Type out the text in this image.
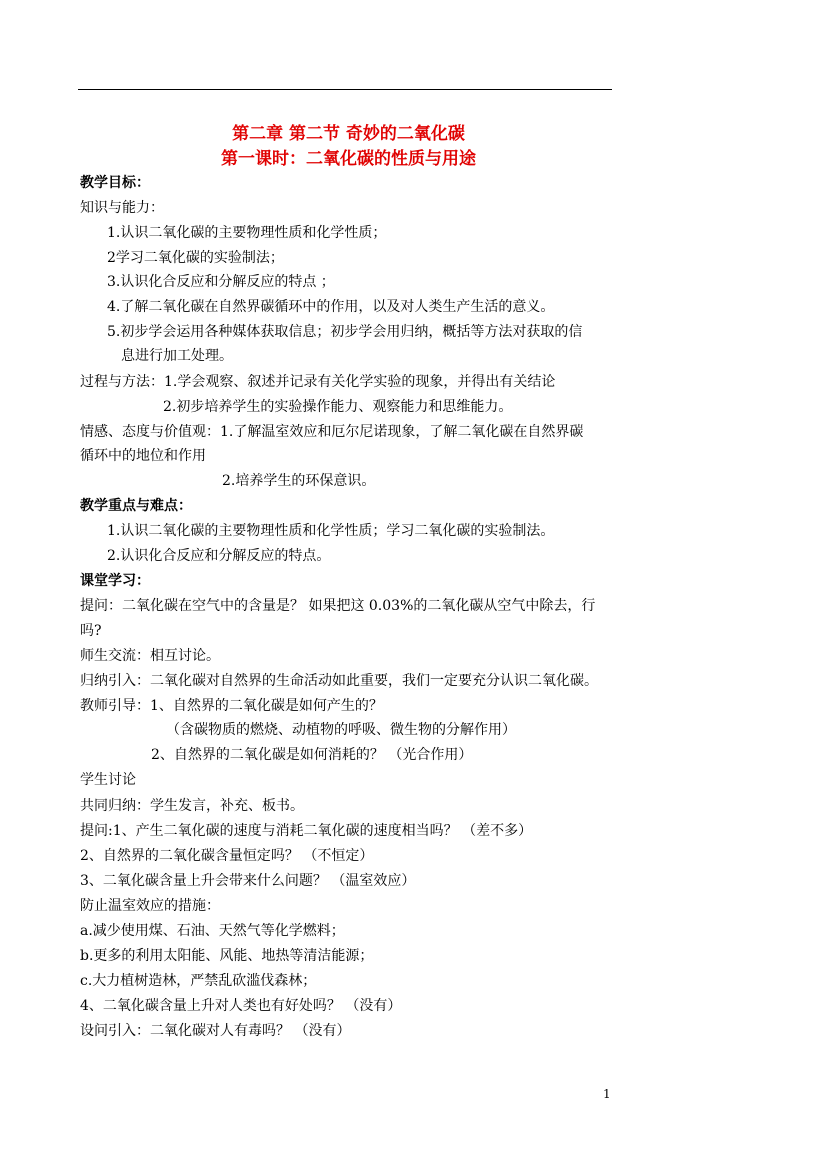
第二章 第二节 奇妙的二氧化碳
第一课时：二氧化碳的性质与用途
教学目标：
知识与能力：
1.认识二氧化碳的主要物理性质和化学性质；
2学习二氧化碳的实验制法；
3.认识化合反应和分解反应的特点 ；
4.了解二氧化碳在自然界碳循环中的作用，以及对人类生产生活的意义。
5.初步学会运用各种媒体获取信息；初步学会用归纳，概括等方法对获取的信
息进行加工处理。
过程与方法：1.学会观察、叙述并记录有关化学实验的现象，并得出有关结论
2.初步培养学生的实验操作能力、观察能力和思维能力。
情感、态度与价值观：1.了解温室效应和厄尔尼诺现象，了解二氧化碳在自然界碳
循环中的地位和作用
2.培养学生的环保意识。
教学重点与难点：
1.认识二氧化碳的主要物理性质和化学性质；学习二氧化碳的实验制法。
2.认识化合反应和分解反应的特点。
课堂学习：
提问：二氧化碳在空气中的含量是？ 如果把这 0.03%的二氧化碳从空气中除去，行
吗?
师生交流：相互讨论。
归纳引入：二氧化碳对自然界的生命活动如此重要，我们一定要充分认识二氧化碳。
教师引导：1、自然界的二氧化碳是如何产生的？
（含碳物质的燃烧、动植物的呼吸、微生物的分解作用）
2、自然界的二氧化碳是如何消耗的？ （光合作用）
学生讨论
共同归纳：学生发言，补充、板书。
提问:1、产生二氧化碳的速度与消耗二氧化碳的速度相当吗？ （差不多）
2、自然界的二氧化碳含量恒定吗？ （不恒定）
3、二氧化碳含量上升会带来什么问题？ （温室效应）
防止温室效应的措施：
a.减少使用煤、石油、天然气等化学燃料；
b.更多的利用太阳能、风能、地热等清洁能源；
c.大力植树造林，严禁乱砍滥伐森林；
4、二氧化碳含量上升对人类也有好处吗？ （没有）
设问引入：二氧化碳对人有毒吗？ （没有）
1
